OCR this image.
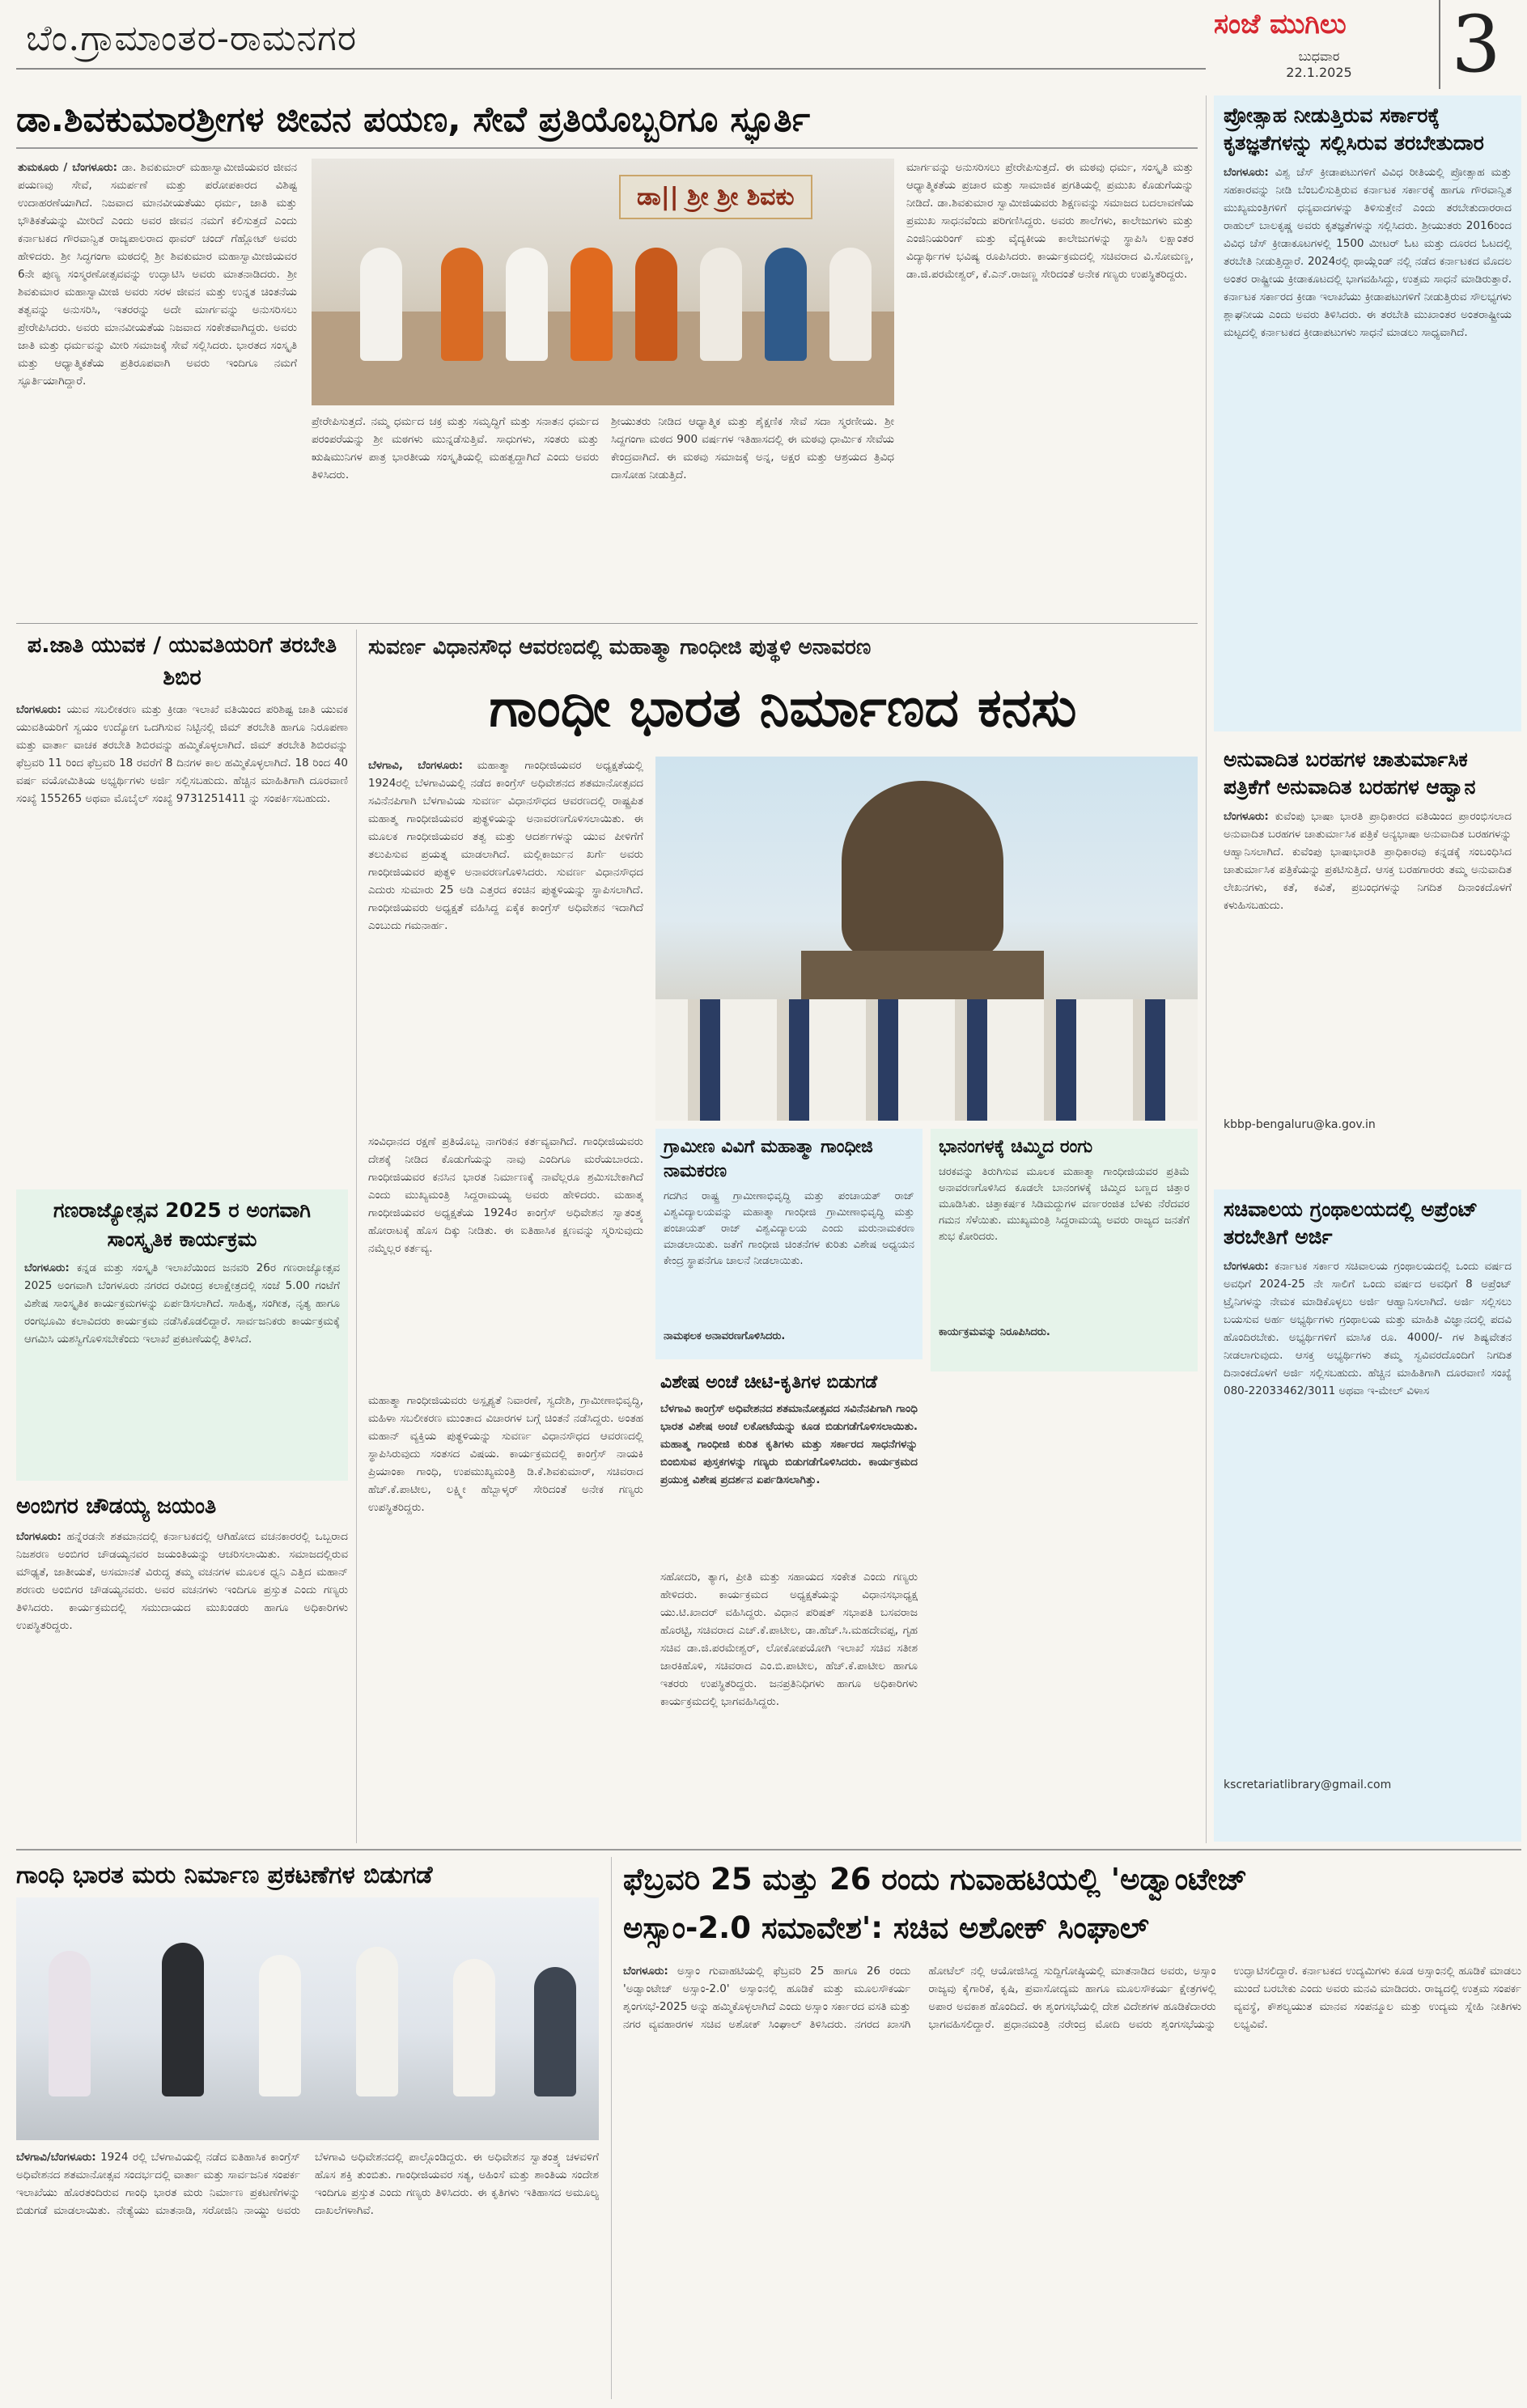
ಬೆಂ.ಗ್ರಾಮಾಂತರ-ರಾಮನಗರ	ಸಂಜೆ ಮುಗಿಲು
ಬುಧವಾರ
22.1.2025	3
ಡಾ.ಶಿವಕುಮಾರಶ್ರೀಗಳ ಜೀವನ ಪಯಣ, ಸೇವೆ ಪ್ರತಿಯೊಬ್ಬರಿಗೂ ಸ್ಫೂರ್ತಿ
ತುಮಕೂರು / ಬೆಂಗಳೂರು: ಡಾ. ಶಿವಕುಮಾರ್ ಮಹಾಸ್ವಾಮೀಜಿಯವರ ಜೀವನ ಪಯಣವು ಸೇವೆ, ಸಮರ್ಪಣೆ ಮತ್ತು ಪರೋಪಕಾರದ ವಿಶಿಷ್ಟ ಉದಾಹರಣೆಯಾಗಿದೆ. ನಿಜವಾದ ಮಾನವೀಯತೆಯು ಧರ್ಮ, ಜಾತಿ ಮತ್ತು ಭೌತಿಕತೆಯನ್ನು ಮೀರಿದೆ ಎಂದು ಅವರ ಜೀವನ ನಮಗೆ ಕಲಿಸುತ್ತದೆ ಎಂದು ಕರ್ನಾಟಕದ ಗೌರವಾನ್ವಿತ ರಾಜ್ಯಪಾಲರಾದ ಥಾವರ್ ಚಂದ್ ಗೆಹ್ಲೋಟ್ ಅವರು ಹೇಳಿದರು. ಶ್ರೀ ಸಿದ್ಧಗಂಗಾ ಮಠದಲ್ಲಿ ಶ್ರೀ ಶಿವಕುಮಾರ ಮಹಾಸ್ವಾಮೀಜಿಯವರ 6ನೇ ಪುಣ್ಯ ಸಂಸ್ಮರಣೋತ್ಸವವನ್ನು ಉದ್ಘಾಟಿಸಿ ಅವರು ಮಾತನಾಡಿದರು. ಶ್ರೀ ಶಿವಕುಮಾರ ಮಹಾಸ್ವಾಮೀಜಿ ಅವರು ಸರಳ ಜೀವನ ಮತ್ತು ಉನ್ನತ ಚಿಂತನೆಯ ತತ್ವವನ್ನು ಅನುಸರಿಸಿ, ಇತರರನ್ನು ಅದೇ ಮಾರ್ಗವನ್ನು ಅನುಸರಿಸಲು ಪ್ರೇರೇಪಿಸಿದರು. ಅವರು ಮಾನವೀಯತೆಯ ನಿಜವಾದ ಸಂಕೇತವಾಗಿದ್ದರು. ಅವರು ಜಾತಿ ಮತ್ತು ಧರ್ಮವನ್ನು ಮೀರಿ ಸಮಾಜಕ್ಕೆ ಸೇವೆ ಸಲ್ಲಿಸಿದರು. ಭಾರತದ ಸಂಸ್ಕೃತಿ ಮತ್ತು ಆಧ್ಯಾತ್ಮಿಕತೆಯ ಪ್ರತಿರೂಪವಾಗಿ ಅವರು ಇಂದಿಗೂ ನಮಗೆ ಸ್ಫೂರ್ತಿಯಾಗಿದ್ದಾರೆ.
ಡಾ|| ಶ್ರೀ ಶ್ರೀ ಶಿವಕು
ಪ್ರೇರೇಪಿಸುತ್ತದೆ. ನಮ್ಮ ಧರ್ಮದ ಚಕ್ರ ಮತ್ತು ಸಮೃದ್ಧಿಗೆ ಮತ್ತು ಸನಾತನ ಧರ್ಮದ ಪರಂಪರೆಯನ್ನು ಶ್ರೀ ಮಠಗಳು ಮುನ್ನಡೆಸುತ್ತಿವೆ. ಸಾಧುಗಳು, ಸಂತರು ಮತ್ತು ಋಷಿಮುನಿಗಳ ಪಾತ್ರ ಭಾರತೀಯ ಸಂಸ್ಕೃತಿಯಲ್ಲಿ ಮಹತ್ವದ್ದಾಗಿದೆ ಎಂದು ಅವರು ತಿಳಿಸಿದರು.
ಶ್ರೀಯುತರು ನೀಡಿದ ಆಧ್ಯಾತ್ಮಿಕ ಮತ್ತು ಶೈಕ್ಷಣಿಕ ಸೇವೆ ಸದಾ ಸ್ಮರಣೀಯ. ಶ್ರೀ ಸಿದ್ದಗಂಗಾ ಮಠದ 900 ವರ್ಷಗಳ ಇತಿಹಾಸದಲ್ಲಿ ಈ ಮಠವು ಧಾರ್ಮಿಕ ಸೇವೆಯ ಕೇಂದ್ರವಾಗಿದೆ. ಈ ಮಠವು ಸಮಾಜಕ್ಕೆ ಅನ್ನ, ಅಕ್ಷರ ಮತ್ತು ಆಶ್ರಯದ ತ್ರಿವಿಧ ದಾಸೋಹ ನೀಡುತ್ತಿದೆ.
ಮಾರ್ಗವನ್ನು ಅನುಸರಿಸಲು ಪ್ರೇರೇಪಿಸುತ್ತದೆ. ಈ ಮಠವು ಧರ್ಮ, ಸಂಸ್ಕೃತಿ ಮತ್ತು ಆಧ್ಯಾತ್ಮಿಕತೆಯ ಪ್ರಚಾರ ಮತ್ತು ಸಾಮಾಜಿಕ ಪ್ರಗತಿಯಲ್ಲಿ ಪ್ರಮುಖ ಕೊಡುಗೆಯನ್ನು ನೀಡಿದೆ. ಡಾ.ಶಿವಕುಮಾರ ಸ್ವಾಮೀಜಿಯವರು ಶಿಕ್ಷಣವನ್ನು ಸಮಾಜದ ಬದಲಾವಣೆಯ ಪ್ರಮುಖ ಸಾಧನವೆಂದು ಪರಿಗಣಿಸಿದ್ದರು. ಅವರು ಶಾಲೆಗಳು, ಕಾಲೇಜುಗಳು ಮತ್ತು ಎಂಜಿನಿಯರಿಂಗ್ ಮತ್ತು ವೈದ್ಯಕೀಯ ಕಾಲೇಜುಗಳನ್ನು ಸ್ಥಾಪಿಸಿ ಲಕ್ಷಾಂತರ ವಿದ್ಯಾರ್ಥಿಗಳ ಭವಿಷ್ಯ ರೂಪಿಸಿದರು. ಕಾರ್ಯಕ್ರಮದಲ್ಲಿ ಸಚಿವರಾದ ವಿ.ಸೋಮಣ್ಣ, ಡಾ.ಜಿ.ಪರಮೇಶ್ವರ್, ಕೆ.ಎನ್.ರಾಜಣ್ಣ ಸೇರಿದಂತೆ ಅನೇಕ ಗಣ್ಯರು ಉಪಸ್ಥಿತರಿದ್ದರು.
ಪ್ರೋತ್ಸಾಹ ನೀಡುತ್ತಿರುವ ಸರ್ಕಾರಕ್ಕೆ ಕೃತಜ್ಞತೆಗಳನ್ನು ಸಲ್ಲಿಸಿರುವ ತರಬೇತುದಾರ
ಬೆಂಗಳೂರು: ವಿಶ್ವ ಚೆಸ್ ಕ್ರೀಡಾಪಟುಗಳಿಗೆ ವಿವಿಧ ರೀತಿಯಲ್ಲಿ ಪ್ರೋತ್ಸಾಹ ಮತ್ತು ಸಹಕಾರವನ್ನು ನೀಡಿ ಬೆಂಬಲಿಸುತ್ತಿರುವ ಕರ್ನಾಟಕ ಸರ್ಕಾರಕ್ಕೆ ಹಾಗೂ ಗೌರವಾನ್ವಿತ ಮುಖ್ಯಮಂತ್ರಿಗಳಿಗೆ ಧನ್ಯವಾದಗಳನ್ನು ತಿಳಿಸುತ್ತೇನೆ ಎಂದು ತರಬೇತುದಾರರಾದ ರಾಹುಲ್ ಬಾಲಕೃಷ್ಣ ಅವರು ಕೃತಜ್ಞತೆಗಳನ್ನು ಸಲ್ಲಿಸಿದರು. ಶ್ರೀಯುತರು 2016ರಿಂದ ವಿವಿಧ ಚೆಸ್ ಕ್ರೀಡಾಕೂಟಗಳಲ್ಲಿ 1500 ಮೀಟರ್ ಓಟ ಮತ್ತು ದೂರದ ಓಟದಲ್ಲಿ ತರಬೇತಿ ನೀಡುತ್ತಿದ್ದಾರೆ. 2024ರಲ್ಲಿ ಥಾಯ್ಲೆಂಡ್ ನಲ್ಲಿ ನಡೆದ ಕರ್ನಾಟಕದ ಮೊದಲ ಅಂತರ ರಾಷ್ಟ್ರೀಯ ಕ್ರೀಡಾಕೂಟದಲ್ಲಿ ಭಾಗವಹಿಸಿದ್ದು, ಉತ್ತಮ ಸಾಧನೆ ಮಾಡಿರುತ್ತಾರೆ. ಕರ್ನಾಟಕ ಸರ್ಕಾರದ ಕ್ರೀಡಾ ಇಲಾಖೆಯು ಕ್ರೀಡಾಪಟುಗಳಿಗೆ ನೀಡುತ್ತಿರುವ ಸೌಲಭ್ಯಗಳು ಶ್ಲಾಘನೀಯ ಎಂದು ಅವರು ತಿಳಿಸಿದರು. ಈ ತರಬೇತಿ ಮುಖಾಂತರ ಅಂತರಾಷ್ಟ್ರೀಯ ಮಟ್ಟದಲ್ಲಿ ಕರ್ನಾಟಕದ ಕ್ರೀಡಾಪಟುಗಳು ಸಾಧನೆ ಮಾಡಲು ಸಾಧ್ಯವಾಗಿದೆ.
ಅನುವಾದಿತ ಬರಹಗಳ ಚಾತುರ್ಮಾಸಿಕ ಪತ್ರಿಕೆಗೆ ಅನುವಾದಿತ ಬರಹಗಳ ಆಹ್ವಾನ
ಬೆಂಗಳೂರು: ಕುವೆಂಪು ಭಾಷಾ ಭಾರತಿ ಪ್ರಾಧಿಕಾರದ ವತಿಯಿಂದ ಪ್ರಾರಂಭಿಸಲಾದ ಅನುವಾದಿತ ಬರಹಗಳ ಚಾತುರ್ಮಾಸಿಕ ಪತ್ರಿಕೆ ಅನ್ಯಭಾಷಾ ಅನುವಾದಿತ ಬರಹಗಳನ್ನು ಆಹ್ವಾನಿಸಲಾಗಿದೆ. ಕುವೆಂಪು ಭಾಷಾಭಾರತಿ ಪ್ರಾಧಿಕಾರವು ಕನ್ನಡಕ್ಕೆ ಸಂಬಂಧಿಸಿದ ಚಾತುರ್ಮಾಸಿಕ ಪತ್ರಿಕೆಯನ್ನು ಪ್ರಕಟಿಸುತ್ತಿದೆ. ಆಸಕ್ತ ಬರಹಗಾರರು ತಮ್ಮ ಅನುವಾದಿತ ಲೇಖನಗಳು, ಕತೆ, ಕವಿತೆ, ಪ್ರಬಂಧಗಳನ್ನು ನಿಗದಿತ ದಿನಾಂಕದೊಳಗೆ ಕಳುಹಿಸಬಹುದು.
kbbp-bengaluru@ka.gov.in
ಸಚಿವಾಲಯ ಗ್ರಂಥಾಲಯದಲ್ಲಿ ಅಪ್ರೆಂಟ್ ತರಬೇತಿಗೆ ಅರ್ಜಿ
ಬೆಂಗಳೂರು: ಕರ್ನಾಟಕ ಸರ್ಕಾರ ಸಚಿವಾಲಯ ಗ್ರಂಥಾಲಯದಲ್ಲಿ ಒಂದು ವರ್ಷದ ಅವಧಿಗೆ 2024-25 ನೇ ಸಾಲಿಗೆ ಒಂದು ವರ್ಷದ ಅವಧಿಗೆ 8 ಅಪ್ರೆಂಟ್ ಟ್ರೈನಿಗಳನ್ನು ನೇಮಕ ಮಾಡಿಕೊಳ್ಳಲು ಅರ್ಜಿ ಆಹ್ವಾನಿಸಲಾಗಿದೆ. ಅರ್ಜಿ ಸಲ್ಲಿಸಲು ಬಯಸುವ ಅರ್ಹ ಅಭ್ಯರ್ಥಿಗಳು ಗ್ರಂಥಾಲಯ ಮತ್ತು ಮಾಹಿತಿ ವಿಜ್ಞಾನದಲ್ಲಿ ಪದವಿ ಹೊಂದಿರಬೇಕು. ಅಭ್ಯರ್ಥಿಗಳಿಗೆ ಮಾಸಿಕ ರೂ. 4000/- ಗಳ ಶಿಷ್ಯವೇತನ ನೀಡಲಾಗುವುದು. ಆಸಕ್ತ ಅಭ್ಯರ್ಥಿಗಳು ತಮ್ಮ ಸ್ವವಿವರದೊಂದಿಗೆ ನಿಗದಿತ ದಿನಾಂಕದೊಳಗೆ ಅರ್ಜಿ ಸಲ್ಲಿಸಬಹುದು. ಹೆಚ್ಚಿನ ಮಾಹಿತಿಗಾಗಿ ದೂರವಾಣಿ ಸಂಖ್ಯೆ 080-22033462/3011 ಅಥವಾ ಇ-ಮೇಲ್ ವಿಳಾಸ
kscretariatlibrary@gmail.com
ಪ.ಜಾತಿ ಯುವಕ / ಯುವತಿಯರಿಗೆ ತರಬೇತಿ ಶಿಬಿರ
ಬೆಂಗಳೂರು: ಯುವ ಸಬಲೀಕರಣ ಮತ್ತು ಕ್ರೀಡಾ ಇಲಾಖೆ ವತಿಯಿಂದ ಪರಿಶಿಷ್ಟ ಜಾತಿ ಯುವಕ ಯುವತಿಯರಿಗೆ ಸ್ವಯಂ ಉದ್ಯೋಗ ಒದಗಿಸುವ ನಿಟ್ಟಿನಲ್ಲಿ ಜಿಮ್ ತರಬೇತಿ ಹಾಗೂ ನಿರೂಪಣಾ ಮತ್ತು ವಾರ್ತಾ ವಾಚಕ ತರಬೇತಿ ಶಿಬಿರವನ್ನು ಹಮ್ಮಿಕೊಳ್ಳಲಾಗಿದೆ. ಜಿಮ್ ತರಬೇತಿ ಶಿಬಿರವನ್ನು ಫೆಬ್ರವರಿ 11 ರಿಂದ ಫೆಬ್ರವರಿ 18 ರವರೆಗೆ 8 ದಿನಗಳ ಕಾಲ ಹಮ್ಮಿಕೊಳ್ಳಲಾಗಿದೆ. 18 ರಿಂದ 40 ವರ್ಷ ವಯೋಮಿತಿಯ ಅಭ್ಯರ್ಥಿಗಳು ಅರ್ಜಿ ಸಲ್ಲಿಸಬಹುದು. ಹೆಚ್ಚಿನ ಮಾಹಿತಿಗಾಗಿ ದೂರವಾಣಿ ಸಂಖ್ಯೆ 155265 ಅಥವಾ ಮೊಬೈಲ್ ಸಂಖ್ಯೆ 9731251411 ನ್ನು ಸಂಪರ್ಕಿಸಬಹುದು.
ಗಣರಾಜ್ಯೋತ್ಸವ 2025 ರ ಅಂಗವಾಗಿ ಸಾಂಸ್ಕೃತಿಕ ಕಾರ್ಯಕ್ರಮ
ಬೆಂಗಳೂರು: ಕನ್ನಡ ಮತ್ತು ಸಂಸ್ಕೃತಿ ಇಲಾಖೆಯಿಂದ ಜನವರಿ 26ರ ಗಣರಾಜ್ಯೋತ್ಸವ 2025 ಅಂಗವಾಗಿ ಬೆಂಗಳೂರು ನಗರದ ರವೀಂದ್ರ ಕಲಾಕ್ಷೇತ್ರದಲ್ಲಿ ಸಂಜೆ 5.00 ಗಂಟೆಗೆ ವಿಶೇಷ ಸಾಂಸ್ಕೃತಿಕ ಕಾರ್ಯಕ್ರಮಗಳನ್ನು ಏರ್ಪಡಿಸಲಾಗಿದೆ. ಸಾಹಿತ್ಯ, ಸಂಗೀತ, ನೃತ್ಯ ಹಾಗೂ ರಂಗಭೂಮಿ ಕಲಾವಿದರು ಕಾರ್ಯಕ್ರಮ ನಡೆಸಿಕೊಡಲಿದ್ದಾರೆ. ಸಾರ್ವಜನಿಕರು ಕಾರ್ಯಕ್ರಮಕ್ಕೆ ಆಗಮಿಸಿ ಯಶಸ್ವಿಗೊಳಿಸಬೇಕೆಂದು ಇಲಾಖೆ ಪ್ರಕಟಣೆಯಲ್ಲಿ ತಿಳಿಸಿದೆ.
ಅಂಬಿಗರ ಚೌಡಯ್ಯ ಜಯಂತಿ
ಬೆಂಗಳೂರು: ಹನ್ನೆರಡನೇ ಶತಮಾನದಲ್ಲಿ ಕರ್ನಾಟಕದಲ್ಲಿ ಆಗಿಹೋದ ವಚನಕಾರರಲ್ಲಿ ಒಬ್ಬರಾದ ನಿಜಶರಣ ಅಂಬಿಗರ ಚೌಡಯ್ಯನವರ ಜಯಂತಿಯನ್ನು ಆಚರಿಸಲಾಯಿತು. ಸಮಾಜದಲ್ಲಿರುವ ಮೌಢ್ಯತೆ, ಜಾತೀಯತೆ, ಅಸಮಾನತೆ ವಿರುದ್ಧ ತಮ್ಮ ವಚನಗಳ ಮೂಲಕ ಧ್ವನಿ ಎತ್ತಿದ ಮಹಾನ್ ಶರಣರು ಅಂಬಿಗರ ಚೌಡಯ್ಯನವರು. ಅವರ ವಚನಗಳು ಇಂದಿಗೂ ಪ್ರಸ್ತುತ ಎಂದು ಗಣ್ಯರು ತಿಳಿಸಿದರು. ಕಾರ್ಯಕ್ರಮದಲ್ಲಿ ಸಮುದಾಯದ ಮುಖಂಡರು ಹಾಗೂ ಅಧಿಕಾರಿಗಳು ಉಪಸ್ಥಿತರಿದ್ದರು.
ಸುವರ್ಣ ವಿಧಾನಸೌಧ ಆವರಣದಲ್ಲಿ ಮಹಾತ್ಮಾ ಗಾಂಧೀಜಿ ಪುತ್ಥಳಿ ಅನಾವರಣ
ಗಾಂಧೀ ಭಾರತ ನಿರ್ಮಾಣದ ಕನಸು
ಬೆಳಗಾವಿ, ಬೆಂಗಳೂರು: ಮಹಾತ್ಮಾ ಗಾಂಧೀಜಿಯವರ ಅಧ್ಯಕ್ಷತೆಯಲ್ಲಿ 1924ರಲ್ಲಿ ಬೆಳಗಾವಿಯಲ್ಲಿ ನಡೆದ ಕಾಂಗ್ರೆಸ್ ಅಧಿವೇಶನದ ಶತಮಾನೋತ್ಸವದ ಸವಿನೆನಪಿಗಾಗಿ ಬೆಳಗಾವಿಯ ಸುವರ್ಣ ವಿಧಾನಸೌಧದ ಆವರಣದಲ್ಲಿ ರಾಷ್ಟ್ರಪಿತ ಮಹಾತ್ಮ ಗಾಂಧೀಜಿಯವರ ಪುತ್ಥಳಿಯನ್ನು ಅನಾವರಣಗೊಳಿಸಲಾಯಿತು. ಈ ಮೂಲಕ ಗಾಂಧೀಜಿಯವರ ತತ್ವ ಮತ್ತು ಆದರ್ಶಗಳನ್ನು ಯುವ ಪೀಳಿಗೆಗೆ ತಲುಪಿಸುವ ಪ್ರಯತ್ನ ಮಾಡಲಾಗಿದೆ. ಮಲ್ಲಿಕಾರ್ಜುನ ಖರ್ಗೆ ಅವರು ಗಾಂಧೀಜಿಯವರ ಪುತ್ಥಳಿ ಅನಾವರಣಗೊಳಿಸಿದರು. ಸುವರ್ಣ ವಿಧಾನಸೌಧದ ಎದುರು ಸುಮಾರು 25 ಅಡಿ ಎತ್ತರದ ಕಂಚಿನ ಪುತ್ಥಳಿಯನ್ನು ಸ್ಥಾಪಿಸಲಾಗಿದೆ. ಗಾಂಧೀಜಿಯವರು ಅಧ್ಯಕ್ಷತೆ ವಹಿಸಿದ್ದ ಏಕೈಕ ಕಾಂಗ್ರೆಸ್ ಅಧಿವೇಶನ ಇದಾಗಿದೆ ಎಂಬುದು ಗಮನಾರ್ಹ.
ಸಂವಿಧಾನದ ರಕ್ಷಣೆ ಪ್ರತಿಯೊಬ್ಬ ನಾಗರಿಕನ ಕರ್ತವ್ಯವಾಗಿದೆ. ಗಾಂಧೀಜಿಯವರು ದೇಶಕ್ಕೆ ನೀಡಿದ ಕೊಡುಗೆಯನ್ನು ನಾವು ಎಂದಿಗೂ ಮರೆಯಬಾರದು. ಗಾಂಧೀಜಿಯವರ ಕನಸಿನ ಭಾರತ ನಿರ್ಮಾಣಕ್ಕೆ ನಾವೆಲ್ಲರೂ ಶ್ರಮಿಸಬೇಕಾಗಿದೆ ಎಂದು ಮುಖ್ಯಮಂತ್ರಿ ಸಿದ್ದರಾಮಯ್ಯ ಅವರು ಹೇಳಿದರು. ಮಹಾತ್ಮ ಗಾಂಧೀಜಿಯವರ ಅಧ್ಯಕ್ಷತೆಯ 1924ರ ಕಾಂಗ್ರೆಸ್ ಅಧಿವೇಶನ ಸ್ವಾತಂತ್ರ್ಯ ಹೋರಾಟಕ್ಕೆ ಹೊಸ ದಿಕ್ಕು ನೀಡಿತು. ಈ ಐತಿಹಾಸಿಕ ಕ್ಷಣವನ್ನು ಸ್ಮರಿಸುವುದು ನಮ್ಮೆಲ್ಲರ ಕರ್ತವ್ಯ.
ಮಹಾತ್ಮಾ ಗಾಂಧೀಜಿಯವರು ಅಸ್ಪೃಶ್ಯತೆ ನಿವಾರಣೆ, ಸ್ವದೇಶಿ, ಗ್ರಾಮೀಣಾಭಿವೃದ್ಧಿ, ಮಹಿಳಾ ಸಬಲೀಕರಣ ಮುಂತಾದ ವಿಚಾರಗಳ ಬಗ್ಗೆ ಚಿಂತನೆ ನಡೆಸಿದ್ದರು. ಅಂತಹ ಮಹಾನ್ ವ್ಯಕ್ತಿಯ ಪುತ್ಥಳಿಯನ್ನು ಸುವರ್ಣ ವಿಧಾನಸೌಧದ ಆವರಣದಲ್ಲಿ ಸ್ಥಾಪಿಸಿರುವುದು ಸಂತಸದ ವಿಷಯ. ಕಾರ್ಯಕ್ರಮದಲ್ಲಿ ಕಾಂಗ್ರೆಸ್ ನಾಯಕಿ ಪ್ರಿಯಾಂಕಾ ಗಾಂಧಿ, ಉಪಮುಖ್ಯಮಂತ್ರಿ ಡಿ.ಕೆ.ಶಿವಕುಮಾರ್, ಸಚಿವರಾದ ಹೆಚ್.ಕೆ.ಪಾಟೀಲ, ಲಕ್ಷ್ಮೀ ಹೆಬ್ಬಾಳ್ಕರ್ ಸೇರಿದಂತೆ ಅನೇಕ ಗಣ್ಯರು ಉಪಸ್ಥಿತರಿದ್ದರು.
ಗ್ರಾಮೀಣ ವಿವಿಗೆ ಮಹಾತ್ಮಾ ಗಾಂಧೀಜಿ ನಾಮಕರಣ
ಗದಗಿನ ರಾಷ್ಟ್ರ ಗ್ರಾಮೀಣಾಭಿವೃದ್ಧಿ ಮತ್ತು ಪಂಚಾಯತ್ ರಾಜ್ ವಿಶ್ವವಿದ್ಯಾಲಯವನ್ನು ಮಹಾತ್ಮಾ ಗಾಂಧೀಜಿ ಗ್ರಾಮೀಣಾಭಿವೃದ್ಧಿ ಮತ್ತು ಪಂಚಾಯತ್ ರಾಜ್ ವಿಶ್ವವಿದ್ಯಾಲಯ ಎಂದು ಮರುನಾಮಕರಣ ಮಾಡಲಾಯಿತು. ಜತೆಗೆ ಗಾಂಧೀಜಿ ಚಿಂತನೆಗಳ ಕುರಿತು ವಿಶೇಷ ಅಧ್ಯಯನ ಕೇಂದ್ರ ಸ್ಥಾಪನೆಗೂ ಚಾಲನೆ ನೀಡಲಾಯಿತು.
ನಾಮಫಲಕ ಅನಾವರಣಗೊಳಿಸಿದರು.
ಭಾನಂಗಳಕ್ಕೆ ಚಿಮ್ಮಿದ ರಂಗು
ಚರಕವನ್ನು ತಿರುಗಿಸುವ ಮೂಲಕ ಮಹಾತ್ಮಾ ಗಾಂಧೀಜಿಯವರ ಪ್ರತಿಮೆ ಅನಾವರಣಗೊಳಿಸಿದ ಕೂಡಲೇ ಬಾನಂಗಳಕ್ಕೆ ಚಿಮ್ಮಿದ ಬಣ್ಣದ ಚಿತ್ತಾರ ಮೂಡಿಸಿತು. ಚಿತ್ತಾಕರ್ಷಕ ಸಿಡಿಮದ್ದುಗಳ ವರ್ಣರಂಜಿತ ಬೆಳಕು ನೆರೆದವರ ಗಮನ ಸೆಳೆಯಿತು. ಮುಖ್ಯಮಂತ್ರಿ ಸಿದ್ದರಾಮಯ್ಯ ಅವರು ರಾಜ್ಯದ ಜನತೆಗೆ ಶುಭ ಕೋರಿದರು.
ಕಾರ್ಯಕ್ರಮವನ್ನು ನಿರೂಪಿಸಿದರು.
ವಿಶೇಷ ಅಂಚೆ ಚೀಟಿ-ಕೃತಿಗಳ ಬಿಡುಗಡೆ
ಬೆಳಗಾವಿ ಕಾಂಗ್ರೆಸ್ ಅಧಿವೇಶನದ ಶತಮಾನೋತ್ಸವದ ಸವಿನೆನಪಿಗಾಗಿ ಗಾಂಧಿ ಭಾರತ ವಿಶೇಷ ಅಂಚೆ ಲಕೋಟೆಯನ್ನು ಕೂಡ ಬಿಡುಗಡೆಗೊಳಿಸಲಾಯಿತು. ಮಹಾತ್ಮ ಗಾಂಧೀಜಿ ಕುರಿತ ಕೃತಿಗಳು ಮತ್ತು ಸರ್ಕಾರದ ಸಾಧನೆಗಳನ್ನು ಬಿಂಬಿಸುವ ಪುಸ್ತಕಗಳನ್ನು ಗಣ್ಯರು ಬಿಡುಗಡೆಗೊಳಿಸಿದರು. ಕಾರ್ಯಕ್ರಮದ ಪ್ರಯುಕ್ತ ವಿಶೇಷ ಪ್ರದರ್ಶನ ಏರ್ಪಡಿಸಲಾಗಿತ್ತು.
ಸಹೋದರಿ, ತ್ಯಾಗ, ಪ್ರೀತಿ ಮತ್ತು ಸಹಾಯದ ಸಂಕೇತ ಎಂದು ಗಣ್ಯರು ಹೇಳಿದರು. ಕಾರ್ಯಕ್ರಮದ ಅಧ್ಯಕ್ಷತೆಯನ್ನು ವಿಧಾನಸಭಾಧ್ಯಕ್ಷ ಯು.ಟಿ.ಖಾದರ್ ವಹಿಸಿದ್ದರು. ವಿಧಾನ ಪರಿಷತ್ ಸಭಾಪತಿ ಬಸವರಾಜ ಹೊರಟ್ಟಿ, ಸಚಿವರಾದ ಎಚ್.ಕೆ.ಪಾಟೀಲ, ಡಾ.ಹೆಚ್.ಸಿ.ಮಹದೇವಪ್ಪ, ಗೃಹ ಸಚಿವ ಡಾ.ಜಿ.ಪರಮೇಶ್ವರ್, ಲೋಕೋಪಯೋಗಿ ಇಲಾಖೆ ಸಚಿವ ಸತೀಶ ಜಾರಕಿಹೊಳಿ, ಸಚಿವರಾದ ಎಂ.ಬಿ.ಪಾಟೀಲ, ಹೆಚ್.ಕೆ.ಪಾಟೀಲ ಹಾಗೂ ಇತರರು ಉಪಸ್ಥಿತರಿದ್ದರು. ಜನಪ್ರತಿನಿಧಿಗಳು ಹಾಗೂ ಅಧಿಕಾರಿಗಳು ಕಾರ್ಯಕ್ರಮದಲ್ಲಿ ಭಾಗವಹಿಸಿದ್ದರು.
ಗಾಂಧಿ ಭಾರತ ಮರು ನಿರ್ಮಾಣ ಪ್ರಕಟಣೆಗಳ ಬಿಡುಗಡೆ
ಬೆಳಗಾವಿ/ಬೆಂಗಳೂರು: 1924 ರಲ್ಲಿ ಬೆಳಗಾವಿಯಲ್ಲಿ ನಡೆದ ಐತಿಹಾಸಿಕ ಕಾಂಗ್ರೆಸ್ ಅಧಿವೇಶನದ ಶತಮಾನೋತ್ಸವ ಸಂದರ್ಭದಲ್ಲಿ ವಾರ್ತಾ ಮತ್ತು ಸಾರ್ವಜನಿಕ ಸಂಪರ್ಕ ಇಲಾಖೆಯು ಹೊರತಂದಿರುವ ಗಾಂಧಿ ಭಾರತ ಮರು ನಿರ್ಮಾಣ ಪ್ರಕಟಣೆಗಳನ್ನು ಬಿಡುಗಡೆ ಮಾಡಲಾಯಿತು. ನೇತ್ಯೆಯು ಮಾತನಾಡಿ, ಸರೋಜಿನಿ ನಾಯ್ಡು ಅವರು ಬೆಳಗಾವಿ ಅಧಿವೇಶನದಲ್ಲಿ ಪಾಲ್ಗೊಂಡಿದ್ದರು. ಈ ಅಧಿವೇಶನ ಸ್ವಾತಂತ್ರ್ಯ ಚಳವಳಿಗೆ ಹೊಸ ಶಕ್ತಿ ತುಂಬಿತು. ಗಾಂಧೀಜಿಯವರ ಸತ್ಯ, ಅಹಿಂಸೆ ಮತ್ತು ಶಾಂತಿಯ ಸಂದೇಶ ಇಂದಿಗೂ ಪ್ರಸ್ತುತ ಎಂದು ಗಣ್ಯರು ತಿಳಿಸಿದರು. ಈ ಕೃತಿಗಳು ಇತಿಹಾಸದ ಅಮೂಲ್ಯ ದಾಖಲೆಗಳಾಗಿವೆ.
ಫೆಬ್ರವರಿ 25 ಮತ್ತು 26 ರಂದು ಗುವಾಹಟಿಯಲ್ಲಿ 'ಅಡ್ವಾಂಟೇಜ್
ಅಸ್ಸಾಂ-2.0 ಸಮಾವೇಶ': ಸಚಿವ ಅಶೋಕ್ ಸಿಂಘಾಲ್
ಬೆಂಗಳೂರು: ಅಸ್ಸಾಂ ಗುವಾಹಟಿಯಲ್ಲಿ ಫೆಬ್ರವರಿ 25 ಹಾಗೂ 26 ರಂದು 'ಅಡ್ವಾಂಟೇಜ್ ಅಸ್ಸಾಂ-2.0' ಅಸ್ಸಾಂನಲ್ಲಿ ಹೂಡಿಕೆ ಮತ್ತು ಮೂಲಸೌಕರ್ಯ ಶೃಂಗಸಭೆ-2025 ಅನ್ನು ಹಮ್ಮಿಕೊಳ್ಳಲಾಗಿದೆ ಎಂದು ಅಸ್ಸಾಂ ಸರ್ಕಾರದ ವಸತಿ ಮತ್ತು ನಗರ ವ್ಯವಹಾರಗಳ ಸಚಿವ ಅಶೋಕ್ ಸಿಂಘಾಲ್ ತಿಳಿಸಿದರು. ನಗರದ ಖಾಸಗಿ ಹೋಟೆಲ್ ನಲ್ಲಿ ಆಯೋಜಿಸಿದ್ದ ಸುದ್ದಿಗೋಷ್ಠಿಯಲ್ಲಿ ಮಾತನಾಡಿದ ಅವರು, ಅಸ್ಸಾಂ ರಾಜ್ಯವು ಕೈಗಾರಿಕೆ, ಕೃಷಿ, ಪ್ರವಾಸೋದ್ಯಮ ಹಾಗೂ ಮೂಲಸೌಕರ್ಯ ಕ್ಷೇತ್ರಗಳಲ್ಲಿ ಅಪಾರ ಅವಕಾಶ ಹೊಂದಿದೆ. ಈ ಶೃಂಗಸಭೆಯಲ್ಲಿ ದೇಶ ವಿದೇಶಗಳ ಹೂಡಿಕೆದಾರರು ಭಾಗವಹಿಸಲಿದ್ದಾರೆ. ಪ್ರಧಾನಮಂತ್ರಿ ನರೇಂದ್ರ ಮೋದಿ ಅವರು ಶೃಂಗಸಭೆಯನ್ನು ಉದ್ಘಾಟಿಸಲಿದ್ದಾರೆ. ಕರ್ನಾಟಕದ ಉದ್ಯಮಿಗಳು ಕೂಡ ಅಸ್ಸಾಂನಲ್ಲಿ ಹೂಡಿಕೆ ಮಾಡಲು ಮುಂದೆ ಬರಬೇಕು ಎಂದು ಅವರು ಮನವಿ ಮಾಡಿದರು. ರಾಜ್ಯದಲ್ಲಿ ಉತ್ತಮ ಸಂಪರ್ಕ ವ್ಯವಸ್ಥೆ, ಕೌಶಲ್ಯಯುತ ಮಾನವ ಸಂಪನ್ಮೂಲ ಮತ್ತು ಉದ್ಯಮ ಸ್ನೇಹಿ ನೀತಿಗಳು ಲಭ್ಯವಿವೆ.
